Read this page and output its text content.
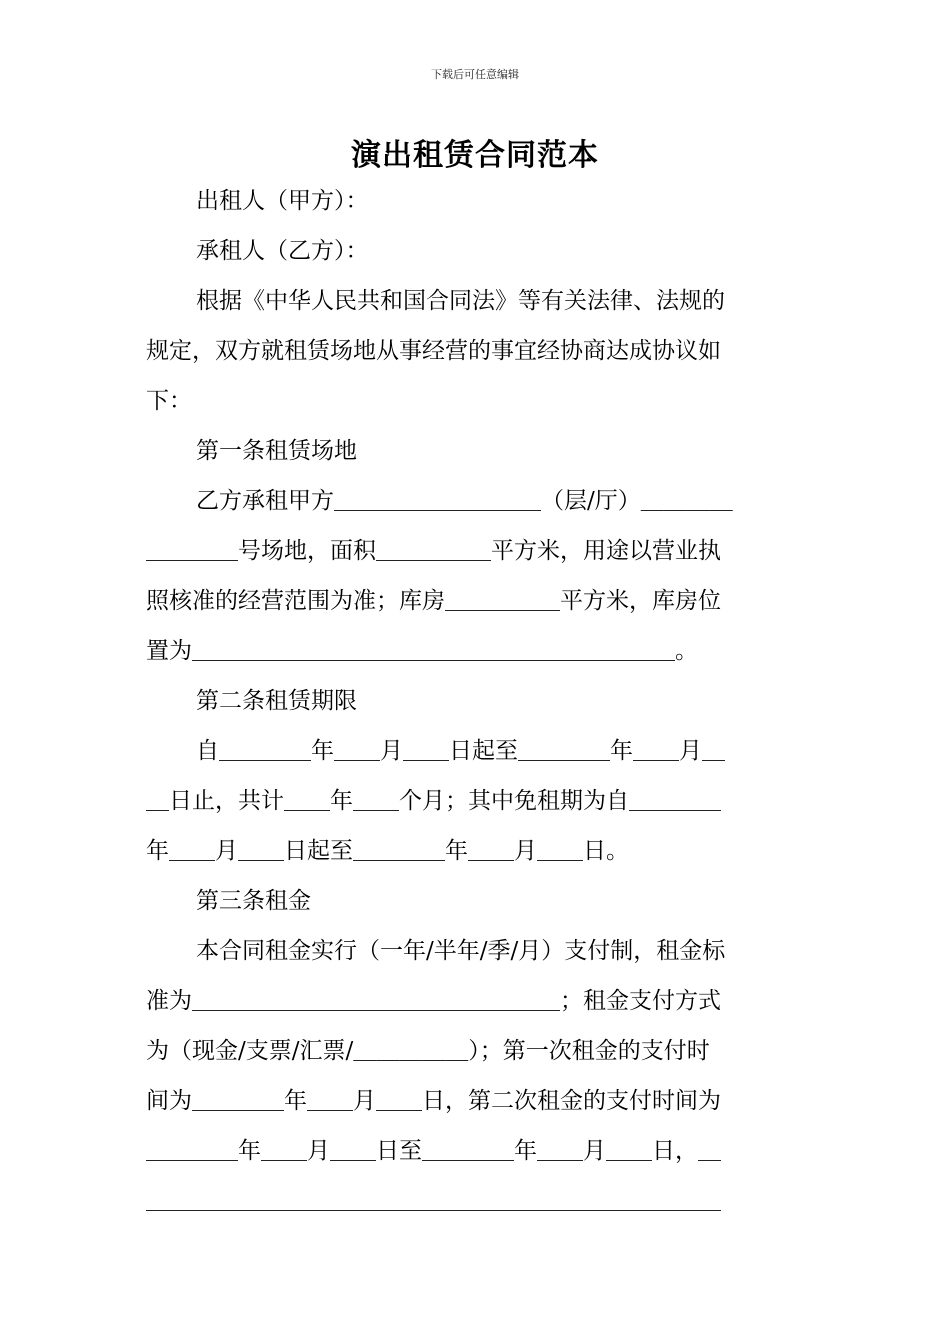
下载后可任意编辑
演出租赁合同范本
出租人（甲方）：
承租人（乙方）：
根据《中华人民共和国合同法》等有关法律、法规的
规定，双方就租赁场地从事经营的事宜经协商达成协议如
下：
第一条租赁场地
乙方承租甲方＿＿＿＿＿＿＿＿＿（层/厅）＿＿＿＿
＿＿＿＿号场地，面积＿＿＿＿＿平方米，用途以营业执
照核准的经营范围为准；库房＿＿＿＿＿平方米，库房位
置为＿＿＿＿＿＿＿＿＿＿＿＿＿＿＿＿＿＿＿＿＿。
第二条租赁期限
自＿＿＿＿年＿＿月＿＿日起至＿＿＿＿年＿＿月＿
＿日止，共计＿＿年＿＿个月；其中免租期为自＿＿＿＿
年＿＿月＿＿日起至＿＿＿＿年＿＿月＿＿日。
第三条租金
本合同租金实行（一年/半年/季/月）支付制，租金标
准为＿＿＿＿＿＿＿＿＿＿＿＿＿＿＿＿；租金支付方式
为（现金/支票/汇票/＿＿＿＿＿）；第一次租金的支付时
间为＿＿＿＿年＿＿月＿＿日，第二次租金的支付时间为
＿＿＿＿年＿＿月＿＿日至＿＿＿＿年＿＿月＿＿日，＿
＿＿＿＿＿＿＿＿＿＿＿＿＿＿＿＿＿＿＿＿＿＿＿＿＿
